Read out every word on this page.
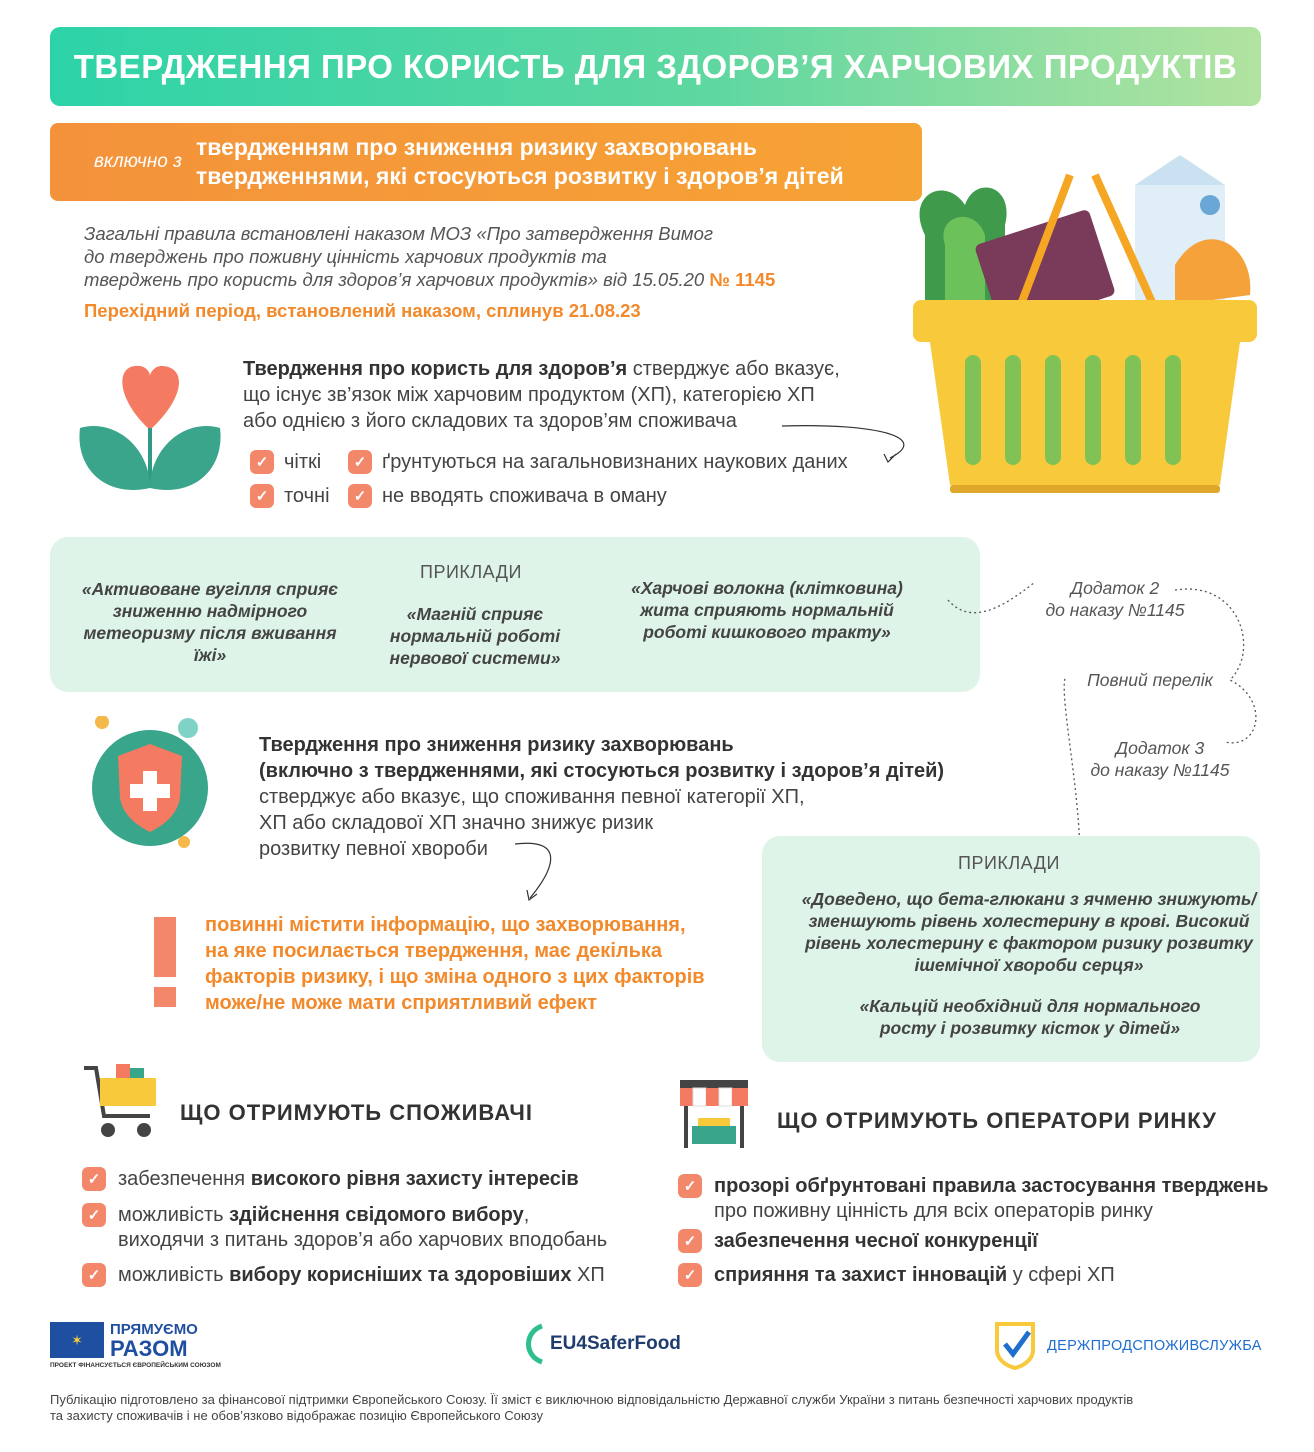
ТВЕРДЖЕННЯ ПРО КОРИСТЬ ДЛЯ ЗДОРОВ’Я ХАРЧОВИХ ПРОДУКТІВ
включно з
твердженням про зниження ризику захворювань
твердженнями, які стосуються розвитку і здоров’я дітей
Загальні правила встановлені наказом МОЗ «Про затвердження Вимог
до тверджень про поживну цінність харчових продуктів та
тверджень про користь для здоров’я харчових продуктів» від 15.05.20 № 1145
Перехідний період, встановлений наказом, сплинув 21.08.23
Твердження про користь для здоров’я стверджує або вказує,
що існує зв’язок між харчовим продуктом (ХП), категорією ХП
або однією з його складових та здоров’ям споживача
✓ чіткі
✓ точні
✓ ґрунтуються на загальновизнаних наукових даних
✓ не вводять споживача в оману
ПРИКЛАДИ
«Активоване вугілля сприяє зниженню надмірного метеоризму після вживання їжі»
«Магній сприяє нормальній роботі нервової системи»
«Харчові волокна (клітковина) жита сприяють нормальній роботі кишкового тракту»
Додаток 2
до наказу №1145
Повний перелік
Додаток 3
до наказу №1145
Твердження про зниження ризику захворювань
(включно з твердженнями, які стосуються розвитку і здоров’я дітей)
стверджує або вказує, що споживання певної категорії ХП,
ХП або складової ХП значно знижує ризик
розвитку певної хвороби
повинні містити інформацію, що захворювання,
на яке посилається твердження, має декілька
факторів ризику, і що зміна одного з цих факторів
може/не може мати сприятливий ефект
ПРИКЛАДИ
«Доведено, що бета-глюкани з ячменю знижують/зменшують рівень холестерину в крові. Високий рівень холестерину є фактором ризику розвитку ішемічної хвороби серця»
«Кальцій необхідний для нормального росту і розвитку кісток у дітей»
ЩО ОТРИМУЮТЬ СПОЖИВАЧІ
✓ забезпечення високого рівня захисту інтересів
✓ можливість здійснення свідомого вибору,
виходячи з питань здоров’я або харчових вподобань
✓ можливість вибору корисніших та здоровіших ХП
ЩО ОТРИМУЮТЬ ОПЕРАТОРИ РИНКУ
✓ прозорі обґрунтовані правила застосування тверджень
про поживну цінність для всіх операторів ринку
✓ забезпечення чесної конкуренції
✓ сприяння та захист інновацій у сфері ХП
✶
ПРЯМУЄМО
РАЗОМ
ПРОЕКТ ФІНАНСУЄТЬСЯ ЄВРОПЕЙСЬКИМ СОЮЗОМ
EU4SaferFood	ДЕРЖПРОДСПОЖИВСЛУЖБА
Публікацію підготовлено за фінансової підтримки Європейського Союзу. Її зміст є виключною відповідальністю Державної служби України з питань безпечності харчових продуктів
та захисту споживачів і не обов’язково відображає позицію Європейського Союзу
